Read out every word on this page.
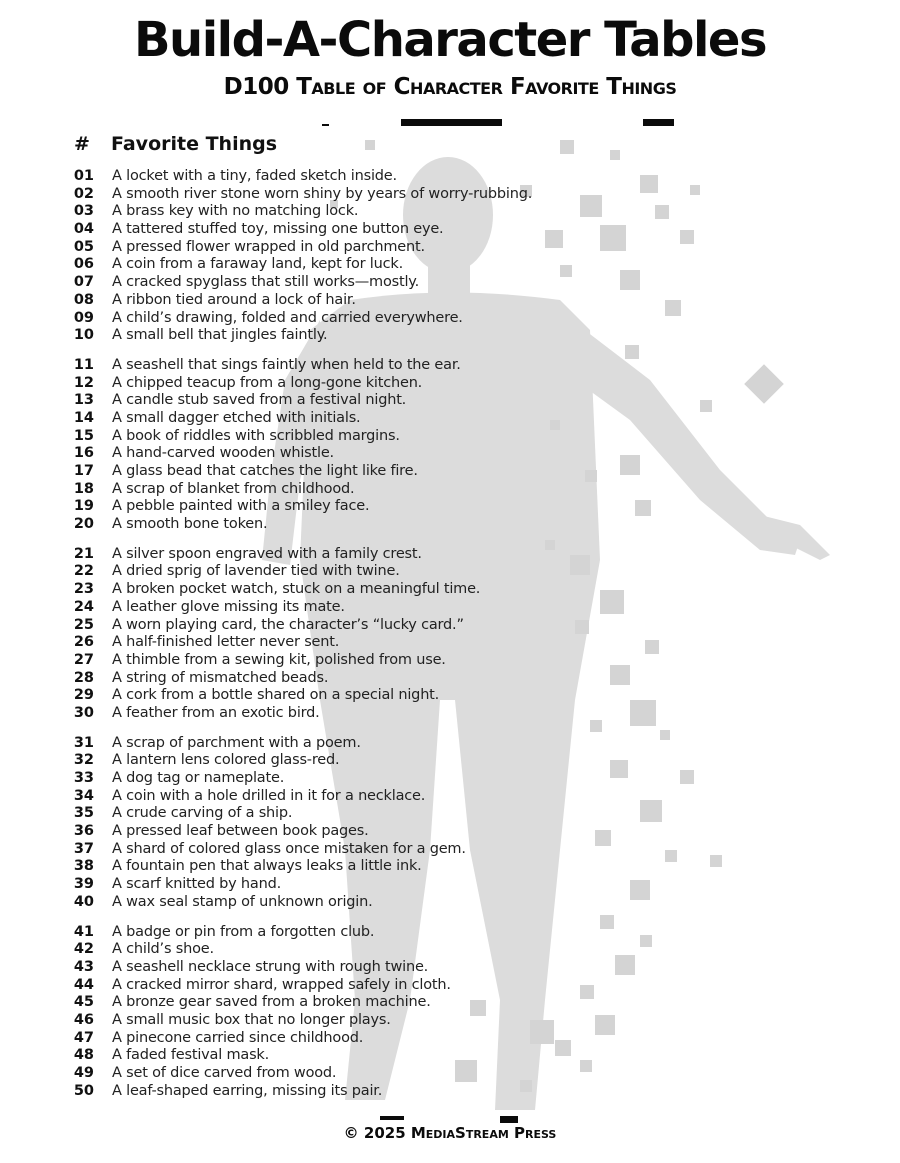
Build-A-Character Tables
D100 Table of Character Favorite Things
# Favorite Things
01 A locket with a tiny, faded sketch inside.
02 A smooth river stone worn shiny by years of worry-rubbing.
03 A brass key with no matching lock.
04 A tattered stuffed toy, missing one button eye.
05 A pressed flower wrapped in old parchment.
06 A coin from a faraway land, kept for luck.
07 A cracked spyglass that still works—mostly.
08 A ribbon tied around a lock of hair.
09 A child’s drawing, folded and carried everywhere.
10 A small bell that jingles faintly.
11 A seashell that sings faintly when held to the ear.
12 A chipped teacup from a long-gone kitchen.
13 A candle stub saved from a festival night.
14 A small dagger etched with initials.
15 A book of riddles with scribbled margins.
16 A hand-carved wooden whistle.
17 A glass bead that catches the light like fire.
18 A scrap of blanket from childhood.
19 A pebble painted with a smiley face.
20 A smooth bone token.
21 A silver spoon engraved with a family crest.
22 A dried sprig of lavender tied with twine.
23 A broken pocket watch, stuck on a meaningful time.
24 A leather glove missing its mate.
25 A worn playing card, the character’s “lucky card.”
26 A half-finished letter never sent.
27 A thimble from a sewing kit, polished from use.
28 A string of mismatched beads.
29 A cork from a bottle shared on a special night.
30 A feather from an exotic bird.
31 A scrap of parchment with a poem.
32 A lantern lens colored glass-red.
33 A dog tag or nameplate.
34 A coin with a hole drilled in it for a necklace.
35 A crude carving of a ship.
36 A pressed leaf between book pages.
37 A shard of colored glass once mistaken for a gem.
38 A fountain pen that always leaks a little ink.
39 A scarf knitted by hand.
40 A wax seal stamp of unknown origin.
41 A badge or pin from a forgotten club.
42 A child’s shoe.
43 A seashell necklace strung with rough twine.
44 A cracked mirror shard, wrapped safely in cloth.
45 A bronze gear saved from a broken machine.
46 A small music box that no longer plays.
47 A pinecone carried since childhood.
48 A faded festival mask.
49 A set of dice carved from wood.
50 A leaf-shaped earring, missing its pair.
© 2025 MediaStream Press
